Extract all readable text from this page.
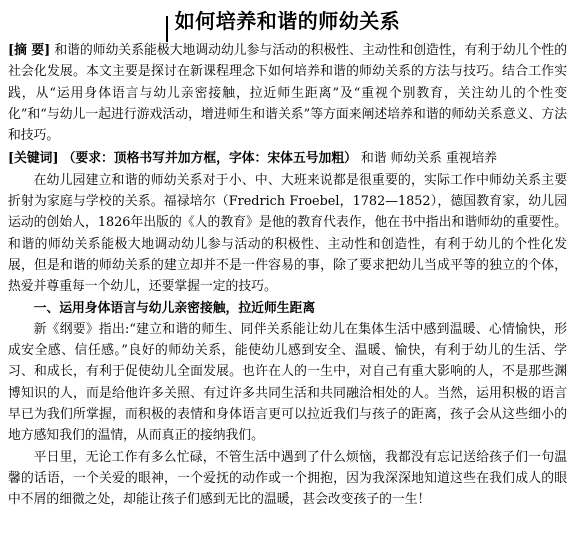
如何培养和谐的师幼关系

[摘 要] 和谐的师幼关系能极大地调动幼儿参与活动的积极性、主动性和创造性，有利于幼儿个性的社会化发展。本文主要是探讨在新课程理念下如何培养和谐的师幼关系的方法与技巧。结合工作实践，从“运用身体语言与幼儿亲密接触，拉近师生距离”及“重视个别教育，关注幼儿的个性变化”和“与幼儿一起进行游戏活动，增进师生和谐关系”等方面来阐述培养和谐的师幼关系意义、方法和技巧。

[关键词] （要求：顶格书写并加方框，字体：宋体五号加粗） 和谐 师幼关系 重视培养

在幼儿园建立和谐的师幼关系对于小、中、大班来说都是很重要的，实际工作中师幼关系主要折射为家庭与学校的关系。福禄培尔（Fredrich Froebel，1782—1852），德国教育家，幼儿园运动的创始人，1826年出版的《人的教育》是他的教育代表作，他在书中指出和谐师幼的重要性。和谐的师幼关系能极大地调动幼儿参与活动的积极性、主动性和创造性，有利于幼儿的个性化发展，但是和谐的师幼关系的建立却并不是一件容易的事，除了要求把幼儿当成平等的独立的个体， 热爱并尊重每一个幼儿，还要掌握一定的技巧。

一、运用身体语言与幼儿亲密接触，拉近师生距离

新《纲要》指出:“建立和谐的师生、同伴关系能让幼儿在集体生活中感到温暖、心情愉快，形成安全感、信任感。”良好的师幼关系，能使幼儿感到安全、温暖、愉快，有利于幼儿的生活、学习、和成长，有利于促使幼儿全面发展。也许在人的一生中，对自己有重大影响的人，不是那些渊博知识的人，而是给他许多关照、有过许多共同生活和共同融洽相处的人。当然，运用积极的语言早已为我们所掌握，而积极的表情和身体语言更可以拉近我们与孩子的距离，孩子会从这些细小的地方感知我们的温情，从而真正的接纳我们。

平日里，无论工作有多么忙碌，不管生活中遇到了什么烦恼，我都没有忘记送给孩子们一句温馨的话语，一个关爱的眼神，一个爱抚的动作或一个拥抱，因为我深深地知道这些在我们成人的眼中不屑的细微之处，却能让孩子们感到无比的温暖，甚会改变孩子的一生！
